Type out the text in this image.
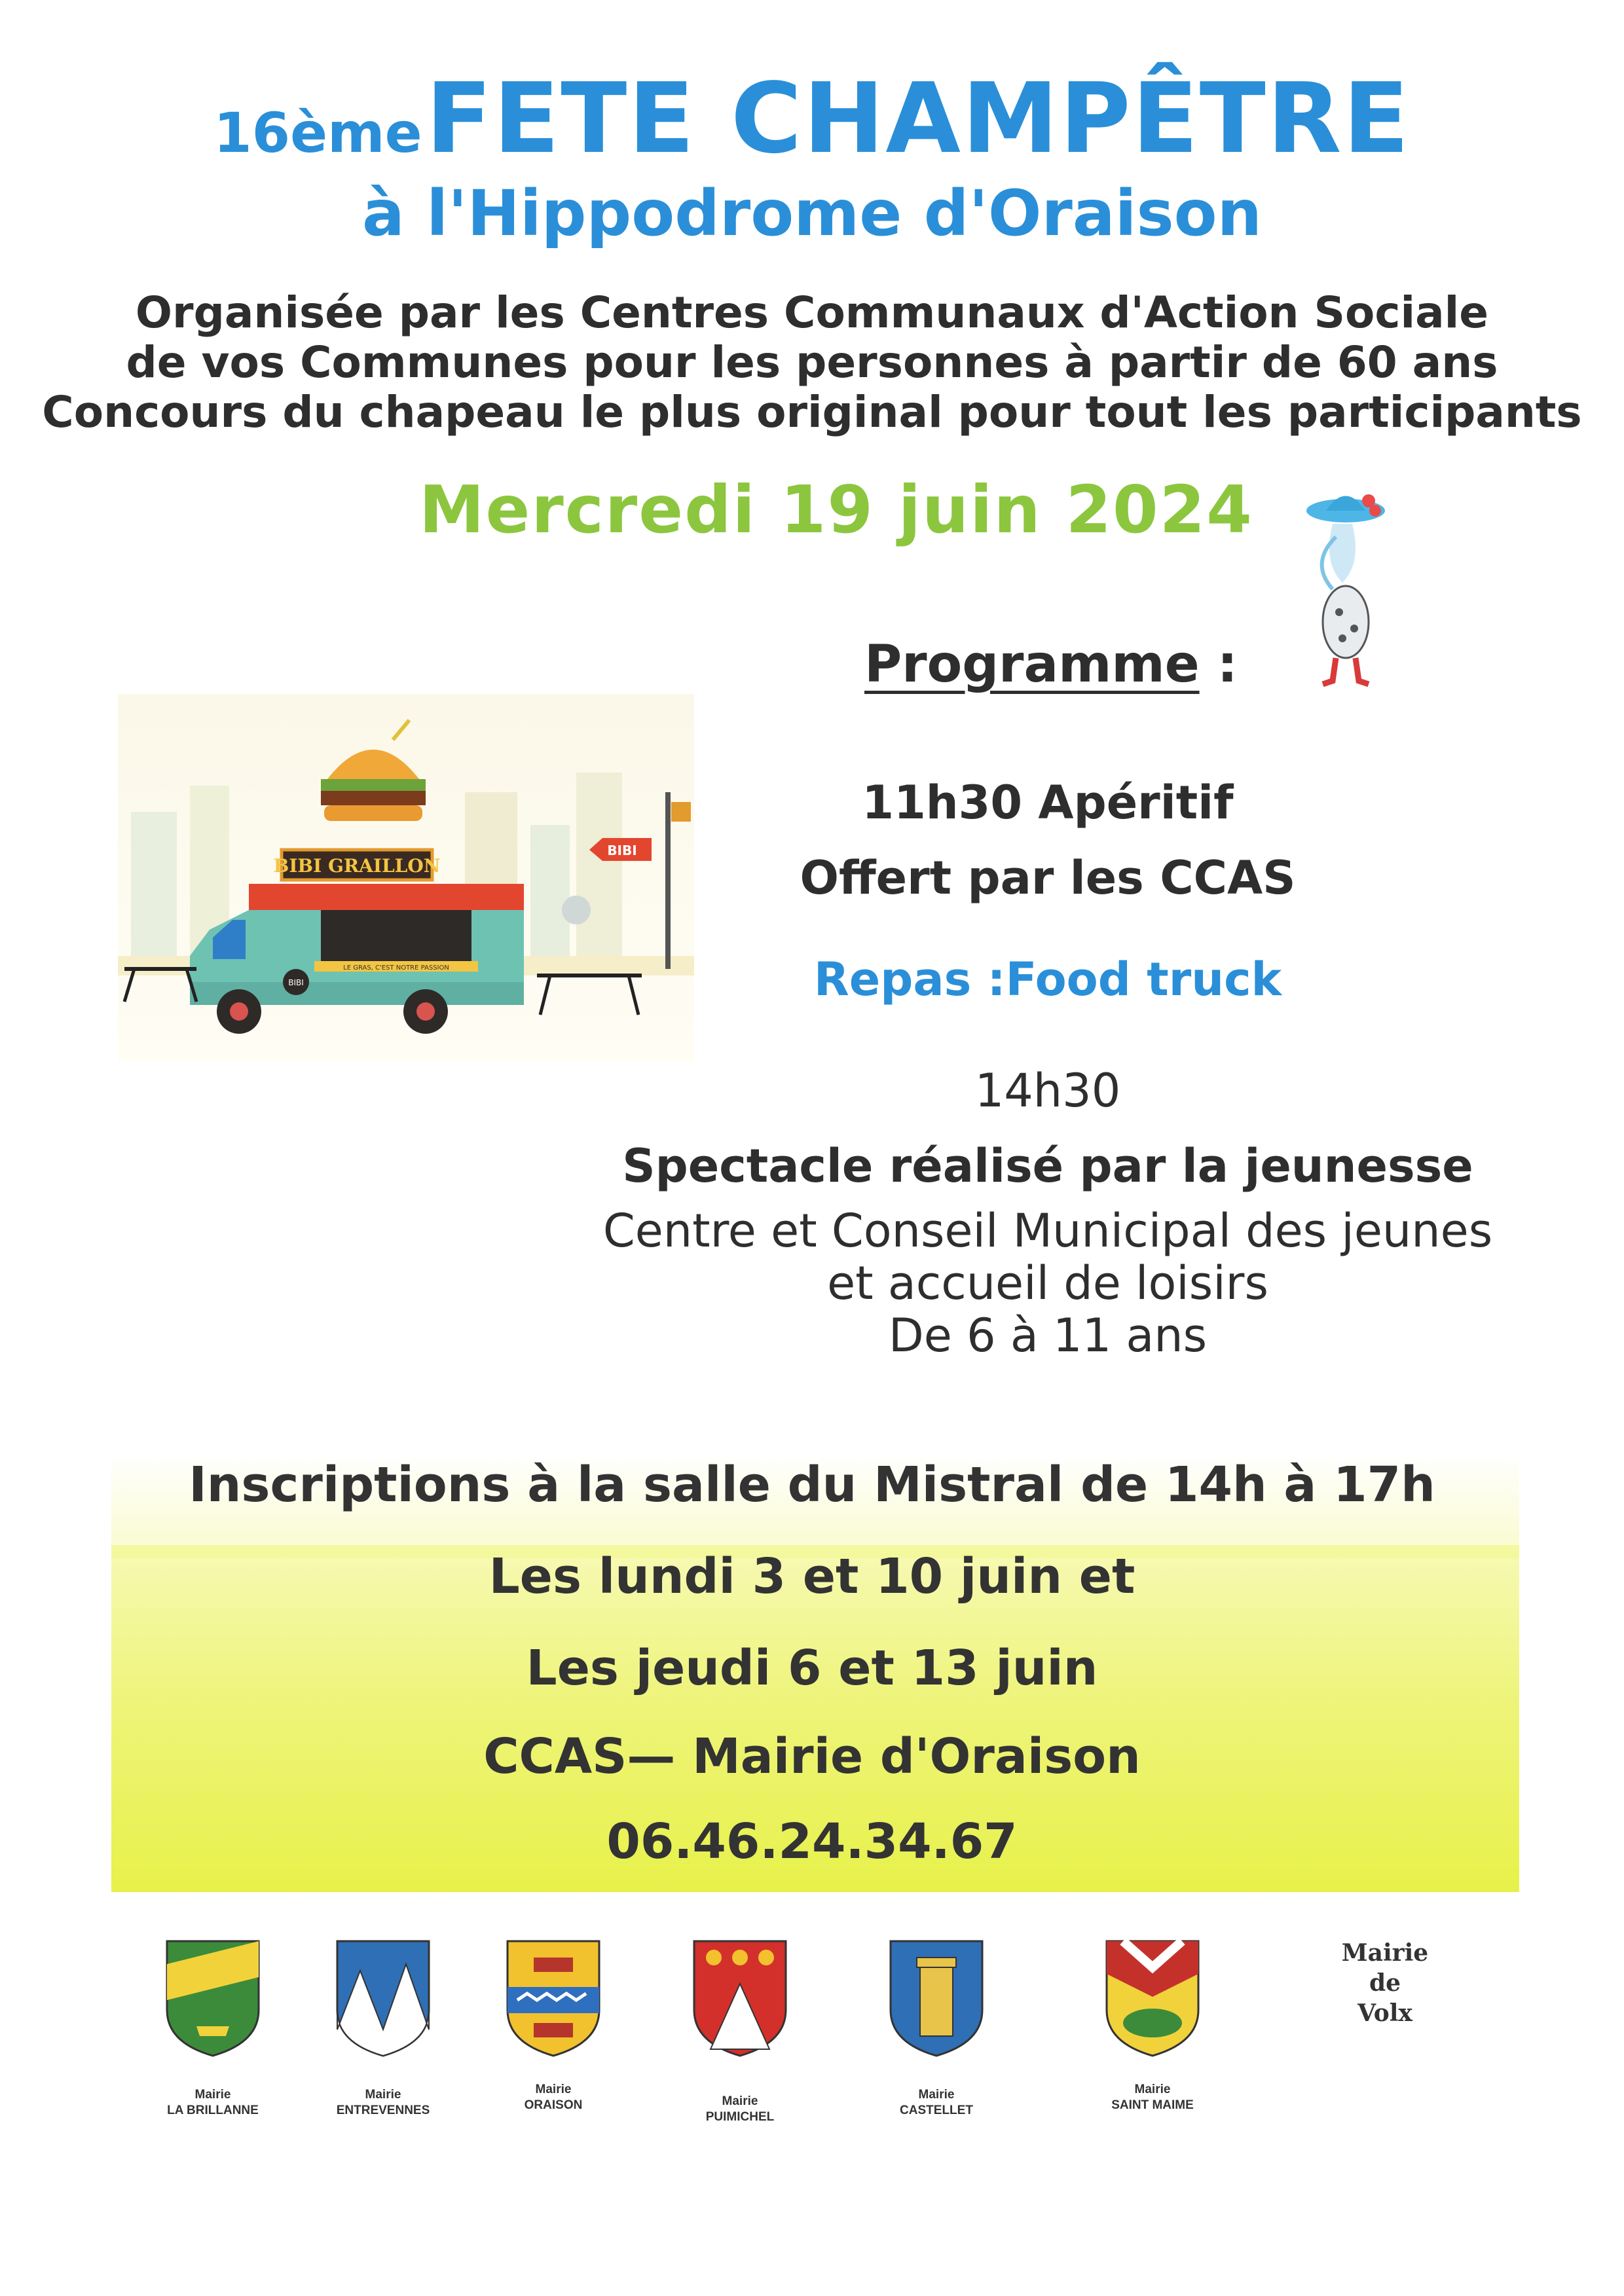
16ème FETE CHAMPÊTRE
à l'Hippodrome d'Oraison
Organisée par les Centres Communaux d'Action Sociale
de vos Communes pour les personnes à partir de 60 ans
Concours du chapeau le plus original pour tout les participants
Mercredi 19 juin 2024
Programme :
BIBI GRAILLON
LE GRAS, C'EST NOTRE PASSION
BIBI
BIBI
11h30 Apéritif
Offert par les CCAS
Repas :Food truck
14h30
Spectacle réalisé par la jeunesse
Centre et Conseil Municipal des jeunes
et accueil de loisirs
De 6 à 11 ans
Inscriptions à la salle du Mistral de 14h à 17h
Les lundi 3 et 10 juin et
Les jeudi 6 et 13 juin
CCAS— Mairie d'Oraison
06.46.24.34.67
Mairie
LA BRILLANNE
Mairie
ENTREVENNES
Mairie
ORAISON	Mairie
PUIMICHEL
Mairie
CASTELLET
Mairie
SAINT MAIME
Mairie
de
Volx
